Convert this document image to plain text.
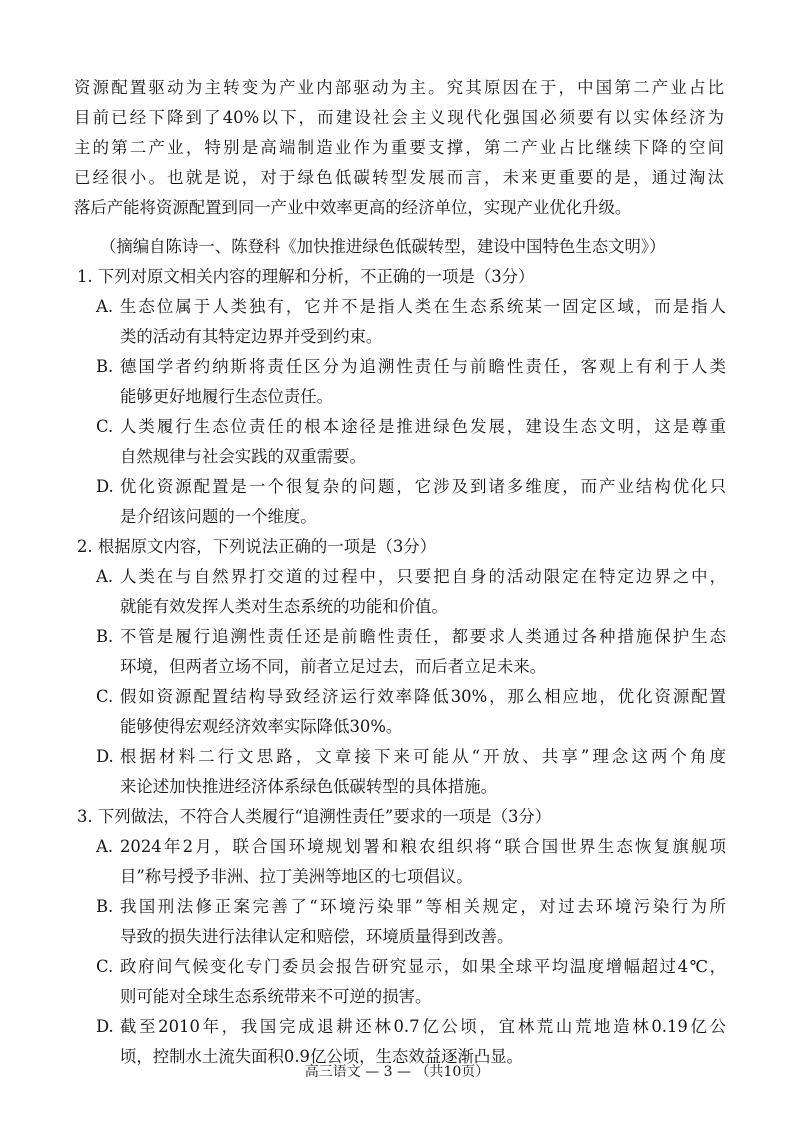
资源配置驱动为主转变为产业内部驱动为主。究其原因在于，中国第二产业占比

目前已经下降到了40%以下，而建设社会主义现代化强国必须要有以实体经济为

主的第二产业，特别是高端制造业作为重要支撑，第二产业占比继续下降的空间

已经很小。也就是说，对于绿色低碳转型发展而言，未来更重要的是，通过淘汰

落后产能将资源配置到同一产业中效率更高的经济单位，实现产业优化升级。

（摘编自陈诗一、陈登科《加快推进绿色低碳转型，建设中国特色生态文明》）
1. 下列对原文相关内容的理解和分析，不正确的一项是（3分）
A. 生态位属于人类独有，它并不是指人类在生态系统某一固定区域，而是指人
类的活动有其特定边界并受到约束。
B. 德国学者约纳斯将责任区分为追溯性责任与前瞻性责任，客观上有利于人类
能够更好地履行生态位责任。
C. 人类履行生态位责任的根本途径是推进绿色发展，建设生态文明，这是尊重
自然规律与社会实践的双重需要。
D. 优化资源配置是一个很复杂的问题，它涉及到诸多维度，而产业结构优化只
是介绍该问题的一个维度。
2. 根据原文内容，下列说法正确的一项是（3分）
A. 人类在与自然界打交道的过程中，只要把自身的活动限定在特定边界之中，
就能有效发挥人类对生态系统的功能和价值。
B. 不管是履行追溯性责任还是前瞻性责任，都要求人类通过各种措施保护生态
环境，但两者立场不同，前者立足过去，而后者立足未来。
C. 假如资源配置结构导致经济运行效率降低30%，那么相应地，优化资源配置
能够使得宏观经济效率实际降低30%。
D. 根据材料二行文思路，文章接下来可能从“开放、共享”理念这两个角度
来论述加快推进经济体系绿色低碳转型的具体措施。
3. 下列做法，不符合人类履行“追溯性责任”要求的一项是（3分）
A. 2024年2月，联合国环境规划署和粮农组织将“联合国世界生态恢复旗舰项
目”称号授予非洲、拉丁美洲等地区的七项倡议。
B. 我国刑法修正案完善了“环境污染罪”等相关规定，对过去环境污染行为所
导致的损失进行法律认定和赔偿，环境质量得到改善。
C. 政府间气候变化专门委员会报告研究显示，如果全球平均温度增幅超过4℃，
则可能对全球生态系统带来不可逆的损害。
D. 截至2010年，我国完成退耕还林0.7亿公顷，宜林荒山荒地造林0.19亿公
顷，控制水土流失面积0.9亿公顷，生态效益逐渐凸显。
高三语文 — 3 — （共10页）
